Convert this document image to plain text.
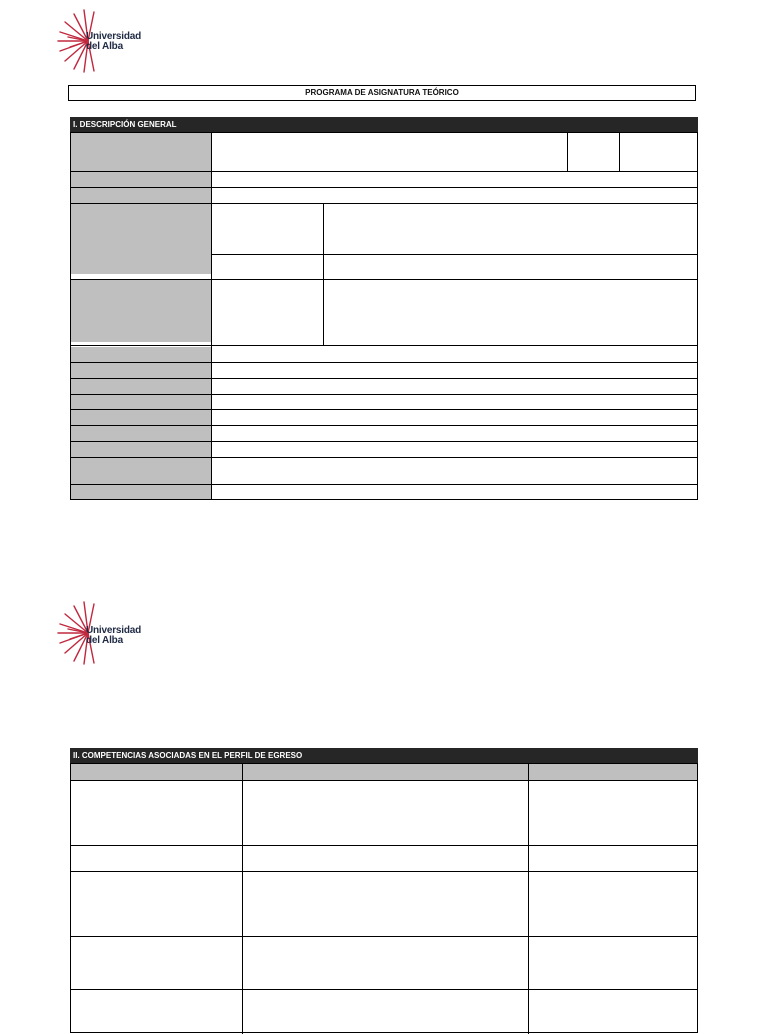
Universidad
del Alba
PROGRAMA DE ASIGNATURA TEÓRICO
I. DESCRIPCIÓN GENERAL
Universidad
del Alba
II. COMPETENCIAS ASOCIADAS EN EL PERFIL DE EGRESO
